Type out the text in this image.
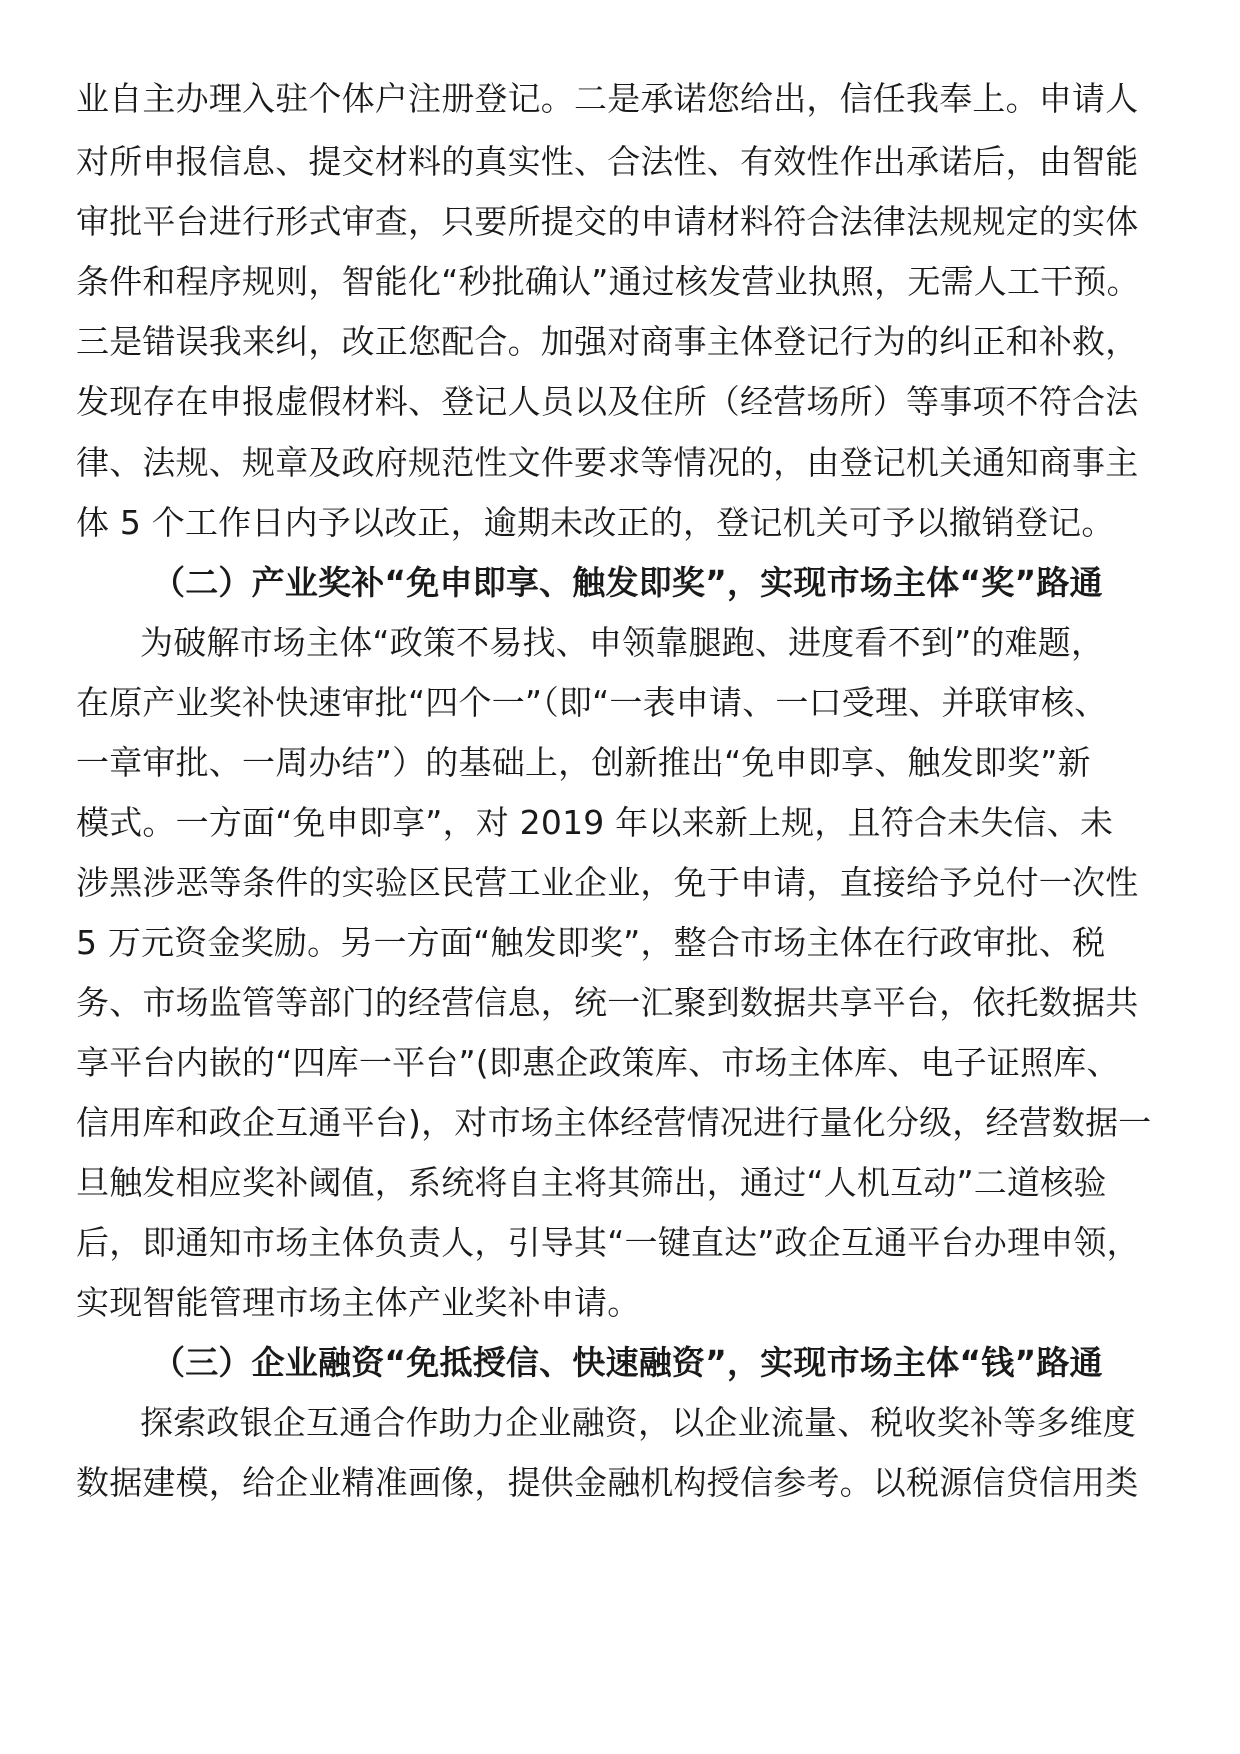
业自主办理入驻个体户注册登记。二是承诺您给出，信任我奉上。申请人
对所申报信息、提交材料的真实性、合法性、有效性作出承诺后，由智能
审批平台进行形式审查，只要所提交的申请材料符合法律法规规定的实体
条件和程序规则，智能化“秒批确认”通过核发营业执照，无需人工干预。
三是错误我来纠，改正您配合。加强对商事主体登记行为的纠正和补救，
发现存在申报虚假材料、登记人员以及住所（经营场所）等事项不符合法
律、法规、规章及政府规范性文件要求等情况的，由登记机关通知商事主
体 5 个工作日内予以改正，逾期未改正的，登记机关可予以撤销登记。
（二）产业奖补“免申即享、触发即奖”，实现市场主体“奖”路通
为破解市场主体“政策不易找、申领靠腿跑、进度看不到”的难题，
在原产业奖补快速审批“四个一”（即“一表申请、一口受理、并联审核、
一章审批、一周办结”）的基础上，创新推出“免申即享、触发即奖”新
模式。一方面“免申即享”，对 2019 年以来新上规，且符合未失信、未
涉黑涉恶等条件的实验区民营工业企业，免于申请，直接给予兑付一次性
5 万元资金奖励。另一方面“触发即奖”，整合市场主体在行政审批、税
务、市场监管等部门的经营信息，统一汇聚到数据共享平台，依托数据共
享平台内嵌的“四库一平台”(即惠企政策库、市场主体库、电子证照库、
信用库和政企互通平台)，对市场主体经营情况进行量化分级，经营数据一
旦触发相应奖补阈值，系统将自主将其筛出，通过“人机互动”二道核验
后，即通知市场主体负责人，引导其“一键直达”政企互通平台办理申领，
实现智能管理市场主体产业奖补申请。
（三）企业融资“免抵授信、快速融资”，实现市场主体“钱”路通
探索政银企互通合作助力企业融资，以企业流量、税收奖补等多维度
数据建模，给企业精准画像，提供金融机构授信参考。以税源信贷信用类
